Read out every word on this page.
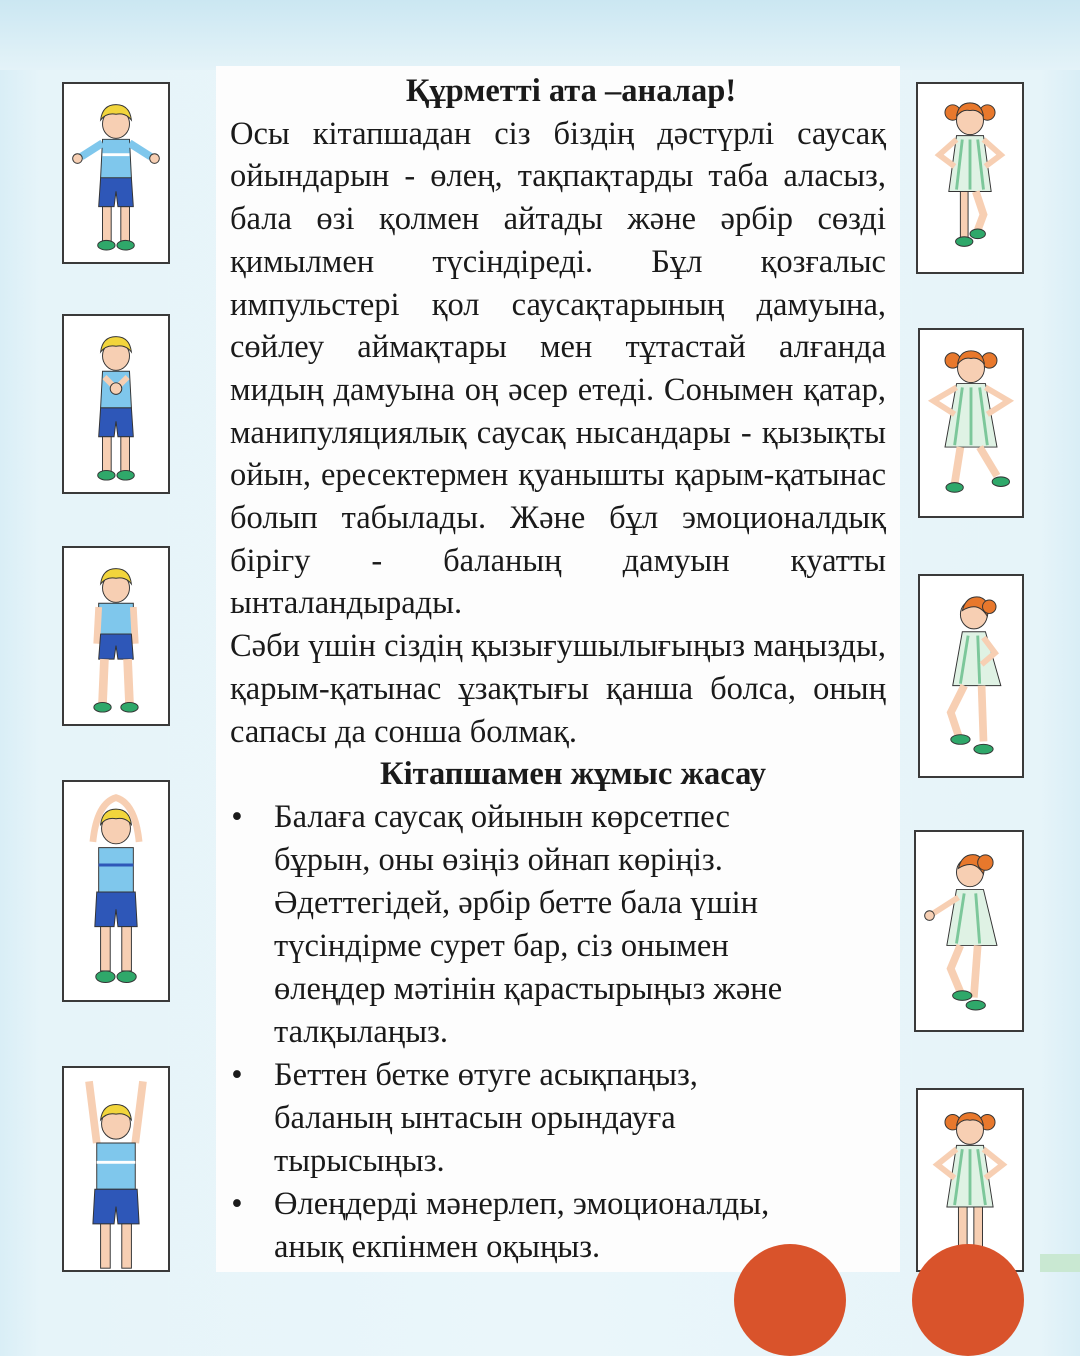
Құрметті ата –аналар!
Осы кітапшадан сіз біздің дәстүрлі саусақ ойындарын - өлең, тақпақтарды таба аласыз, бала өзі қолмен айтады және әрбір сөзді қимылмен түсіндіреді. Бұл қозғалыс импульстері қол саусақтарының дамуына, сөйлеу аймақтары мен тұтастай алғанда мидың дамуына оң әсер етеді. Сонымен қатар, манипуляциялық саусақ нысандары - қызықты ойын, ересектермен қуанышты қарым-қатынас болып табылады. Және бұл эмоционалдық бірігу - баланың дамуын қуатты ынталандырады.
Сәби үшін сіздің қызығушылығыңыз маңызды, қарым-қатынас ұзақтығы қанша болса, оның сапасы да сонша болмақ.
Кітапшамен жұмыс жасау
• Балаға саусақ ойынын көрсетпес бұрын, оны өзіңіз ойнап көріңіз. Әдеттегідей, әрбір бетте бала үшін түсіндірме сурет бар, сіз онымен өлеңдер мәтінін қарастырыңыз және талқылаңыз.
• Беттен бетке өтуге асықпаңыз, баланың ынтасын орындауға тырысыңыз.
• Өлеңдерді мәнерлеп, эмоционалды, анық екпінмен оқыңыз.
